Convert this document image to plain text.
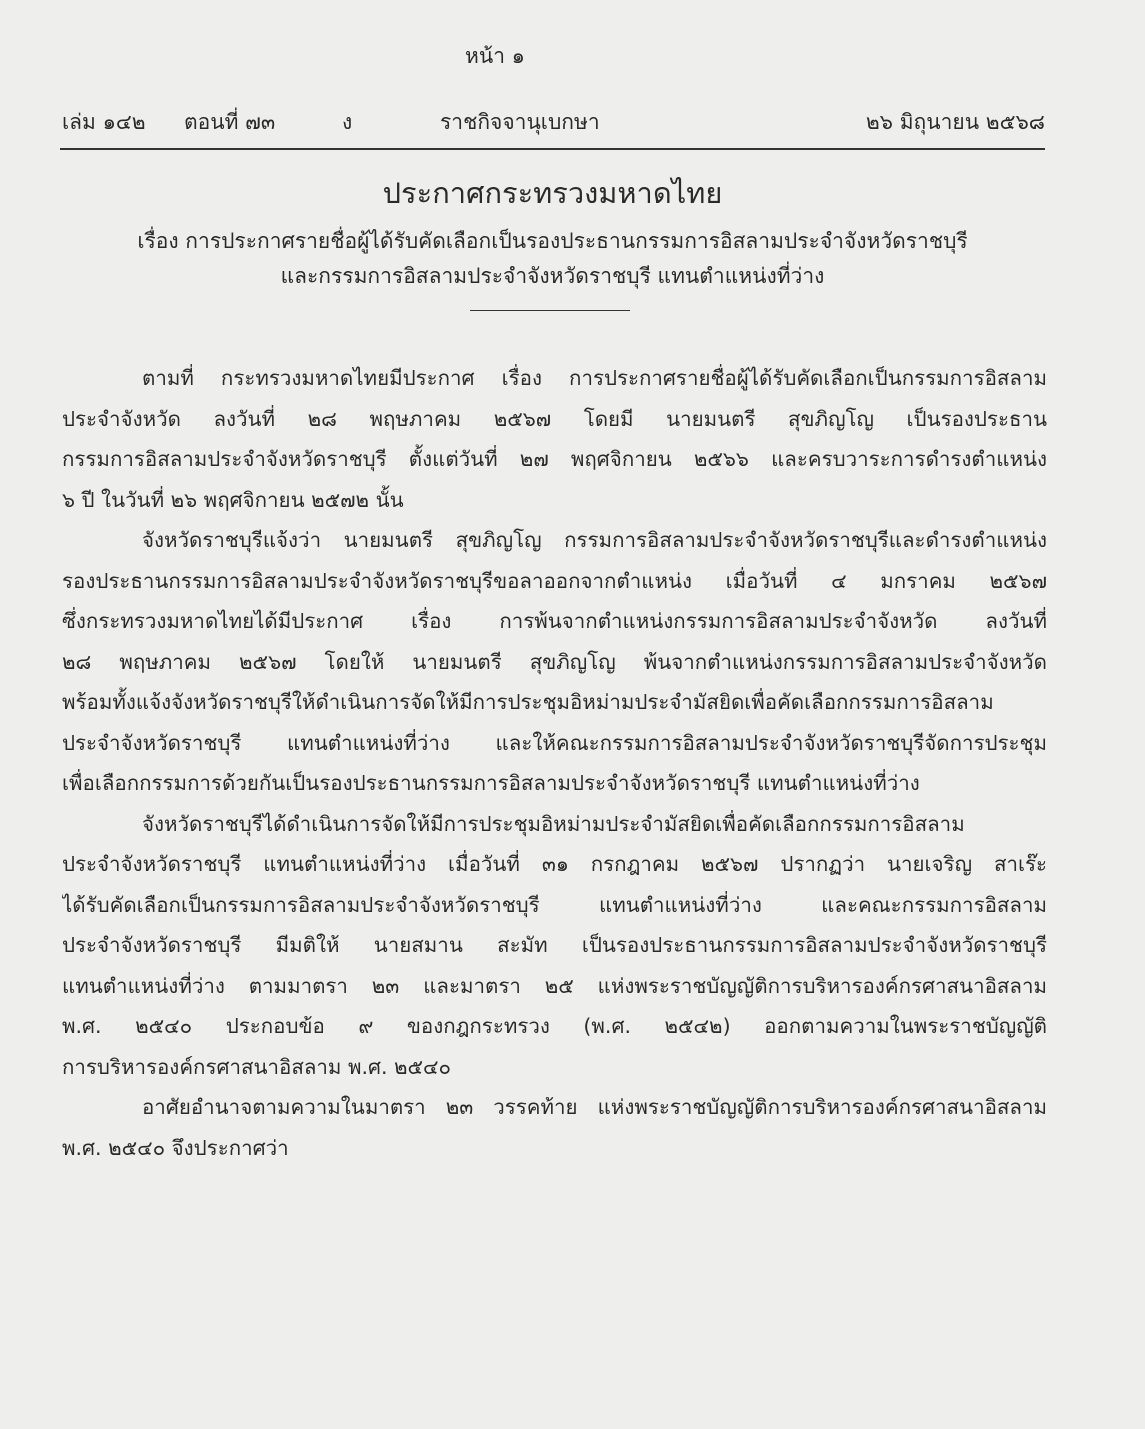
หน้า ๑
เล่ม ๑๔๒ ตอนที่ ๗๓	ง	ราชกิจจานุเบกษา	๒๖ มิถุนายน ๒๕๖๘
ประกาศกระทรวงมหาดไทย
เรื่อง การประกาศรายชื่อผู้ได้รับคัดเลือกเป็นรองประธานกรรมการอิสลามประจำจังหวัดราชบุรี
และกรรมการอิสลามประจำจังหวัดราชบุรี แทนตำแหน่งที่ว่าง
ตามที่ กระทรวงมหาดไทยมีประกาศ เรื่อง การประกาศรายชื่อผู้ได้รับคัดเลือกเป็นกรรมการอิสลาม
ประจำจังหวัด ลงวันที่ ๒๘ พฤษภาคม ๒๕๖๗ โดยมี นายมนตรี สุขภิญโญ เป็นรองประธาน
กรรมการอิสลามประจำจังหวัดราชบุรี ตั้งแต่วันที่ ๒๗ พฤศจิกายน ๒๕๖๖ และครบวาระการดำรงตำแหน่ง
๖ ปี ในวันที่ ๒๖ พฤศจิกายน ๒๕๗๒ นั้น
จังหวัดราชบุรีแจ้งว่า นายมนตรี สุขภิญโญ กรรมการอิสลามประจำจังหวัดราชบุรีและดำรงตำแหน่ง
รองประธานกรรมการอิสลามประจำจังหวัดราชบุรีขอลาออกจากตำแหน่ง เมื่อวันที่ ๔ มกราคม ๒๕๖๗
ซึ่งกระทรวงมหาดไทยได้มีประกาศ เรื่อง การพ้นจากตำแหน่งกรรมการอิสลามประจำจังหวัด ลงวันที่
๒๘ พฤษภาคม ๒๕๖๗ โดยให้ นายมนตรี สุขภิญโญ พ้นจากตำแหน่งกรรมการอิสลามประจำจังหวัด
พร้อมทั้งแจ้งจังหวัดราชบุรีให้ดำเนินการจัดให้มีการประชุมอิหม่ามประจำมัสยิดเพื่อคัดเลือกกรรมการอิสลาม
ประจำจังหวัดราชบุรี แทนตำแหน่งที่ว่าง และให้คณะกรรมการอิสลามประจำจังหวัดราชบุรีจัดการประชุม
เพื่อเลือกกรรมการด้วยกันเป็นรองประธานกรรมการอิสลามประจำจังหวัดราชบุรี แทนตำแหน่งที่ว่าง
จังหวัดราชบุรีได้ดำเนินการจัดให้มีการประชุมอิหม่ามประจำมัสยิดเพื่อคัดเลือกกรรมการอิสลาม
ประจำจังหวัดราชบุรี แทนตำแหน่งที่ว่าง เมื่อวันที่ ๓๑ กรกฎาคม ๒๕๖๗ ปรากฏว่า นายเจริญ สาเร๊ะ
ได้รับคัดเลือกเป็นกรรมการอิสลามประจำจังหวัดราชบุรี แทนตำแหน่งที่ว่าง และคณะกรรมการอิสลาม
ประจำจังหวัดราชบุรี มีมติให้ นายสมาน สะมัท เป็นรองประธานกรรมการอิสลามประจำจังหวัดราชบุรี
แทนตำแหน่งที่ว่าง ตามมาตรา ๒๓ และมาตรา ๒๕ แห่งพระราชบัญญัติการบริหารองค์กรศาสนาอิสลาม
พ.ศ. ๒๕๔๐ ประกอบข้อ ๙ ของกฎกระทรวง (พ.ศ. ๒๕๔๒) ออกตามความในพระราชบัญญัติ
การบริหารองค์กรศาสนาอิสลาม พ.ศ. ๒๕๔๐
อาศัยอำนาจตามความในมาตรา ๒๓ วรรคท้าย แห่งพระราชบัญญัติการบริหารองค์กรศาสนาอิสลาม
พ.ศ. ๒๕๔๐ จึงประกาศว่า
